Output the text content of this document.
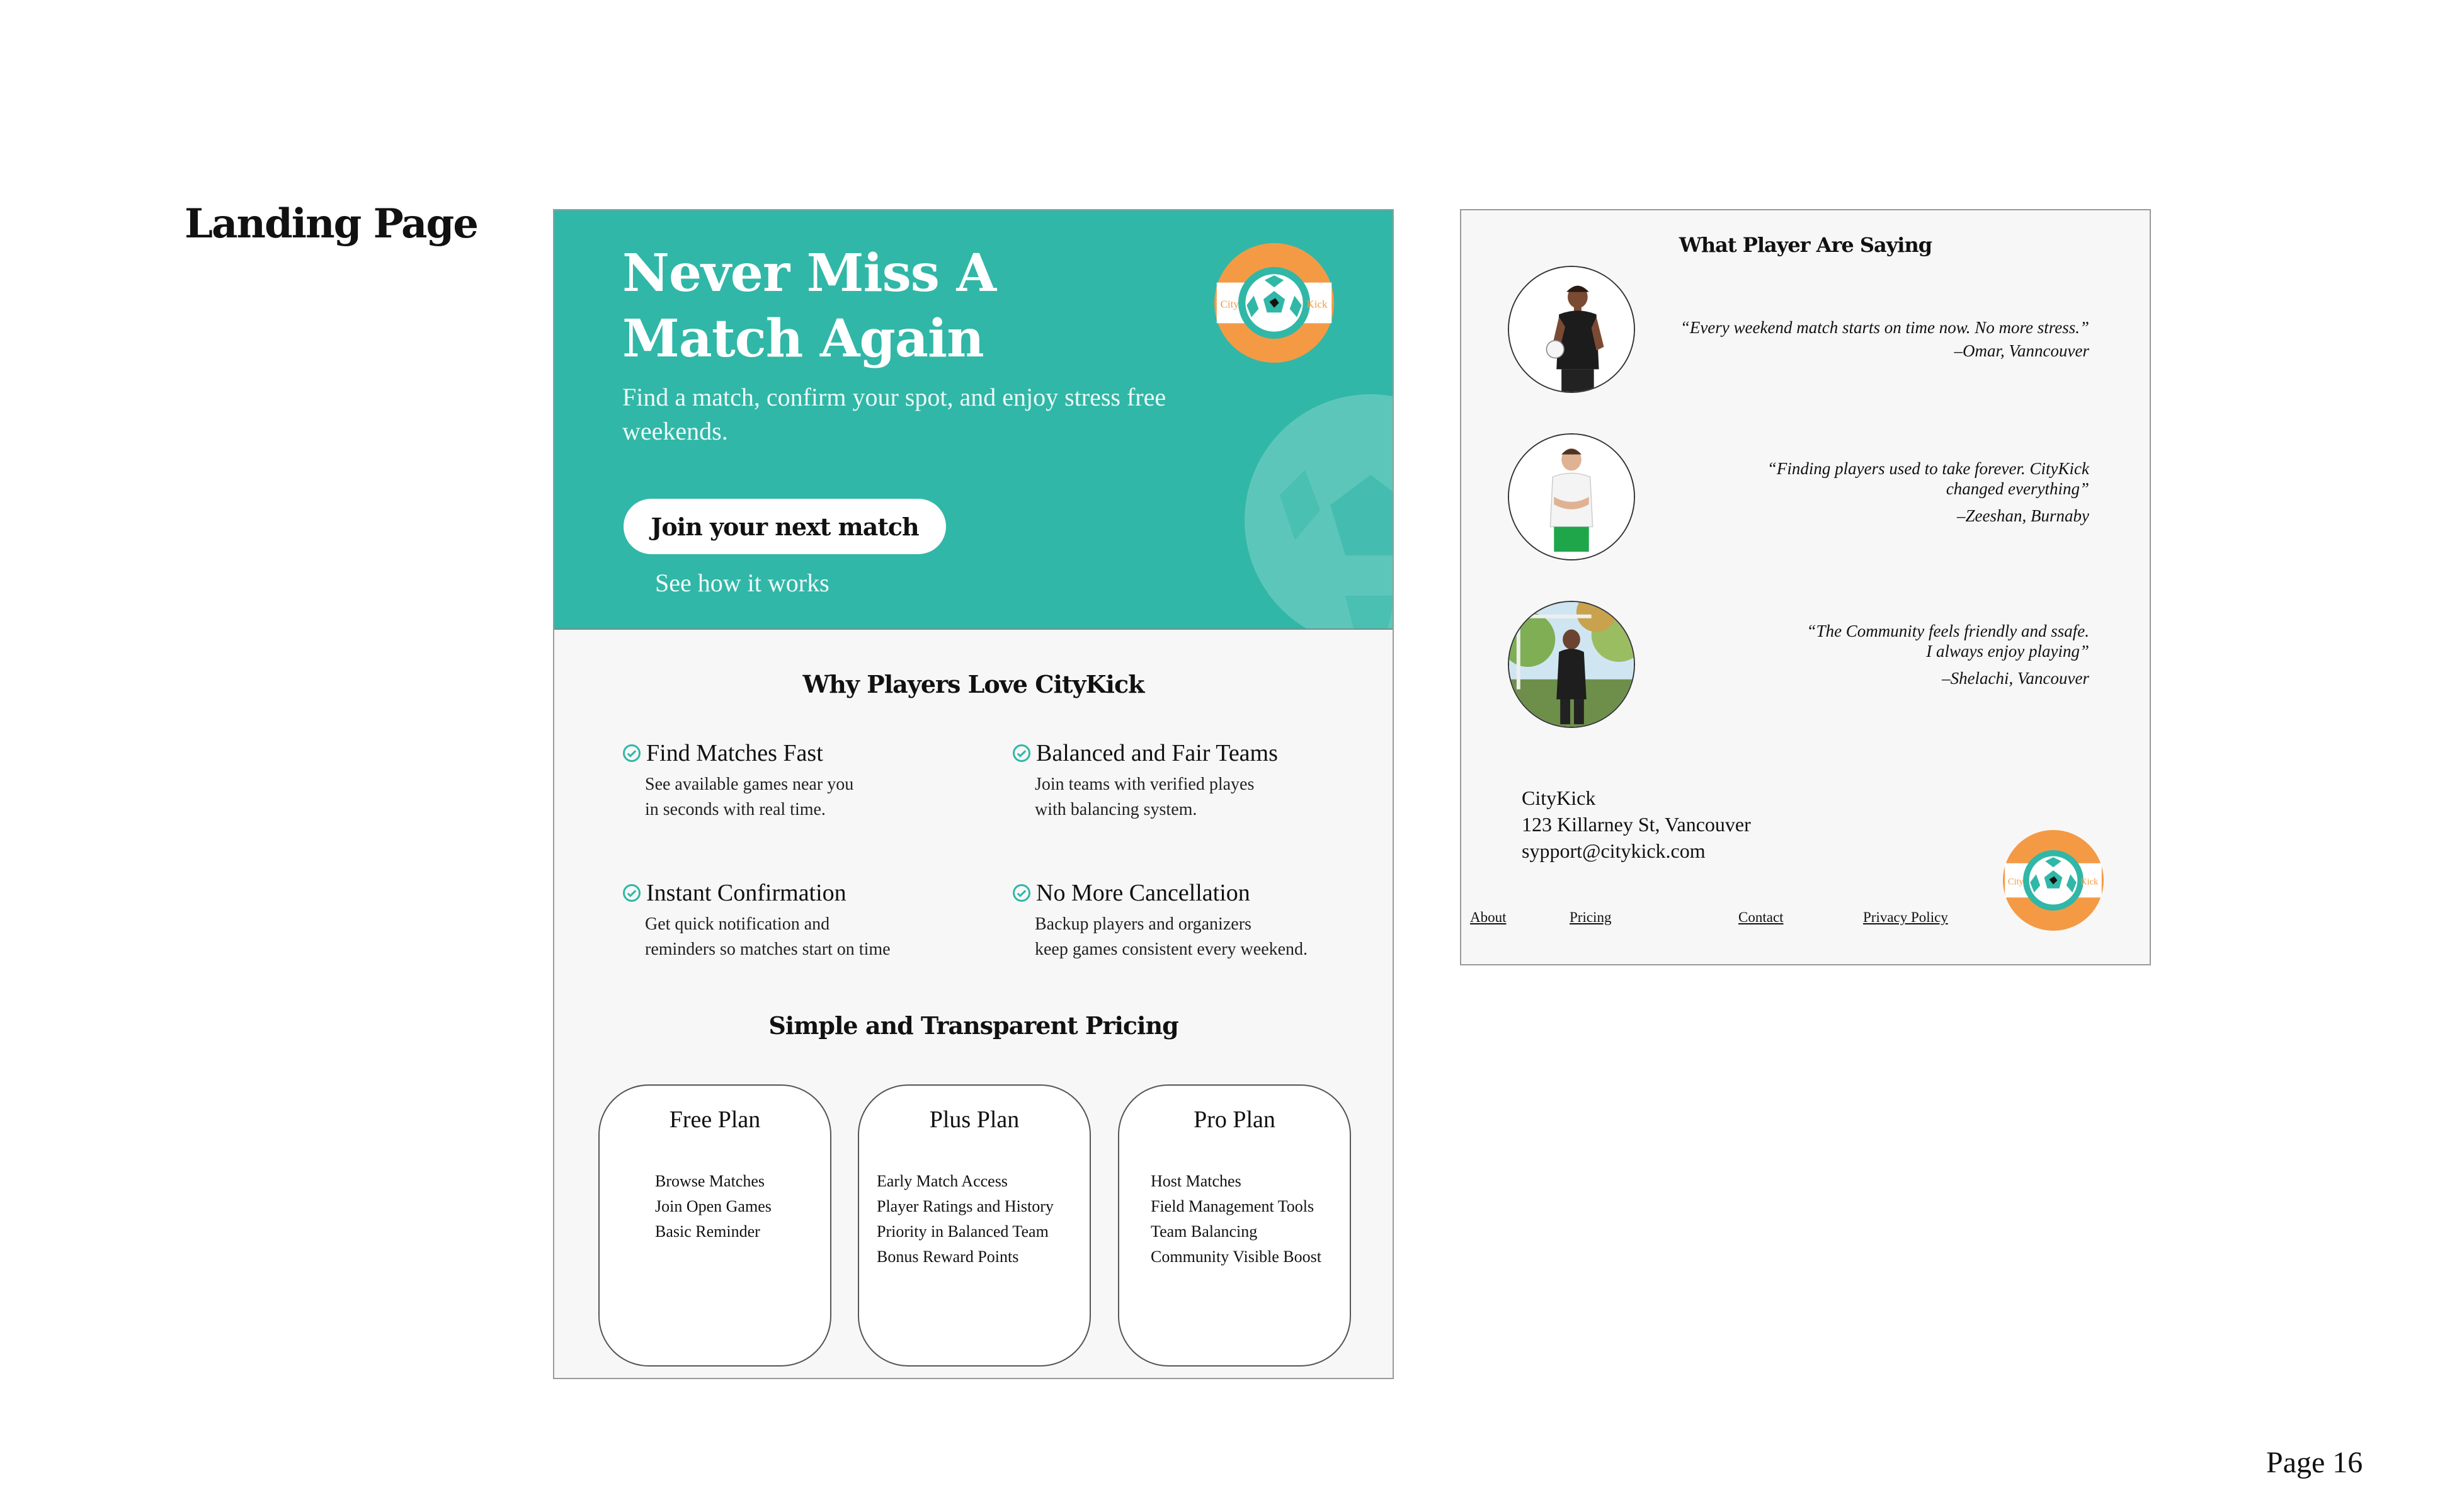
Landing Page
Never Miss A Match Again

Find a match, confirm your spot, and enjoy stress free weekends.

Join your next match
See how it works
City	Kick
Why Players Love CityKick
Find Matches Fast
See available games near you
in seconds with real time.
Balanced and Fair Teams
Join teams with verified playes
with balancing system.
Instant Confirmation
Get quick notification and
reminders so matches start on time
No More Cancellation
Backup players and organizers
keep games consistent every weekend.
Simple and Transparent Pricing
Free Plan
Browse Matches
Join Open Games
Basic Reminder
Plus Plan
Early Match Access
Player Ratings and History
Priority in Balanced Team
Bonus Reward Points
Pro Plan
Host Matches
Field Management Tools
Team Balancing
Community Visible Boost
What Player Are Saying
“Every weekend match starts on time now. No more stress.”
–Omar, Vanncouver
“Finding players used to take forever. CityKick
changed everything”
–Zeeshan, Burnaby
“The Community feels friendly and ssafe.
I always enjoy playing”
–Shelachi, Vancouver
CityKick
123 Killarney St, Vancouver
sypport@citykick.com
City	Kick
About	Pricing	Contact	Privacy Policy
Page 16
